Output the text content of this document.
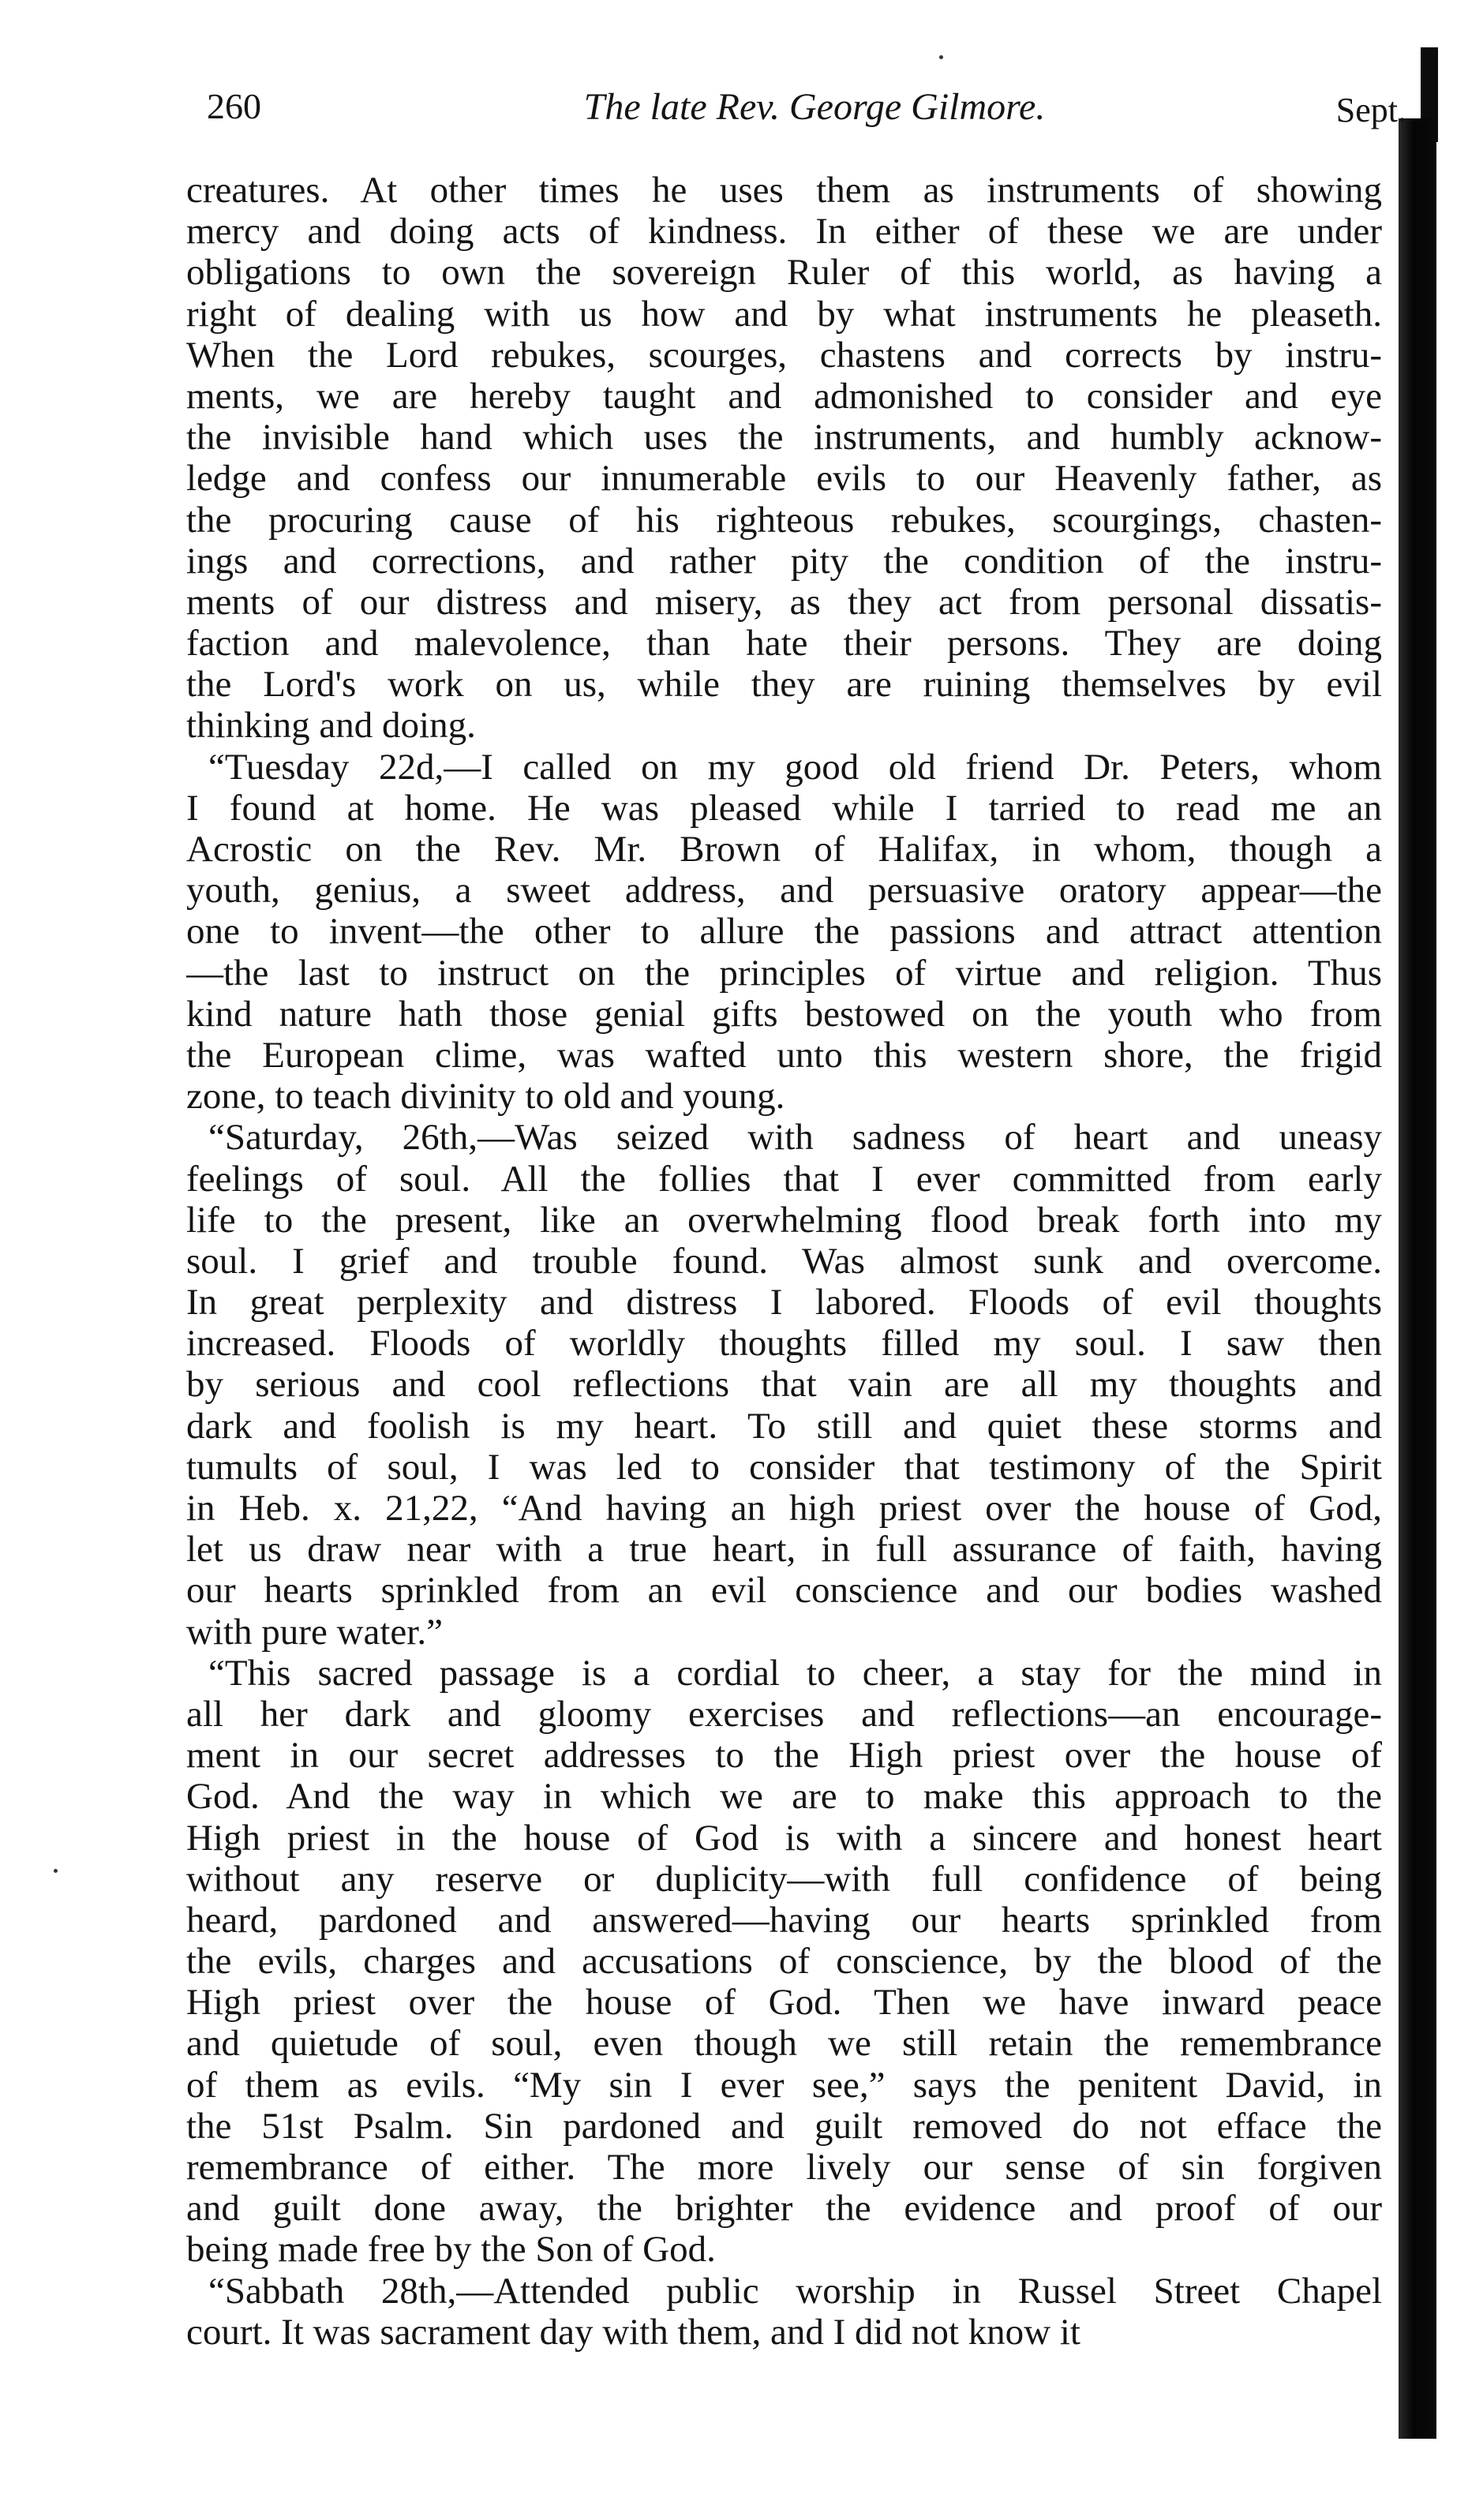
260	The late Rev. George Gilmore.	Sept.
creatures. At other times he uses them as instruments of showing
mercy and doing acts of kindness. In either of these we are under
obligations to own the sovereign Ruler of this world, as having a
right of dealing with us how and by what instruments he pleaseth.
When the Lord rebukes, scourges, chastens and corrects by instru-
ments, we are hereby taught and admonished to consider and eye
the invisible hand which uses the instruments, and humbly acknow-
ledge and confess our innumerable evils to our Heavenly father, as
the procuring cause of his righteous rebukes, scourgings, chasten-
ings and corrections, and rather pity the condition of the instru-
ments of our distress and misery, as they act from personal dissatis-
faction and malevolence, than hate their persons. They are doing
the Lord's work on us, while they are ruining themselves by evil
thinking and doing.
“Tuesday 22d,—I called on my good old friend Dr. Peters, whom
I found at home. He was pleased while I tarried to read me an
Acrostic on the Rev. Mr. Brown of Halifax, in whom, though a
youth, genius, a sweet address, and persuasive oratory appear—the
one to invent—the other to allure the passions and attract attention
—the last to instruct on the principles of virtue and religion. Thus
kind nature hath those genial gifts bestowed on the youth who from
the European clime, was wafted unto this western shore, the frigid
zone, to teach divinity to old and young.
“Saturday, 26th,—Was seized with sadness of heart and uneasy
feelings of soul. All the follies that I ever committed from early
life to the present, like an overwhelming flood break forth into my
soul. I grief and trouble found. Was almost sunk and overcome.
In great perplexity and distress I labored. Floods of evil thoughts
increased. Floods of worldly thoughts filled my soul. I saw then
by serious and cool reflections that vain are all my thoughts and
dark and foolish is my heart. To still and quiet these storms and
tumults of soul, I was led to consider that testimony of the Spirit
in Heb. x. 21,22, “And having an high priest over the house of God,
let us draw near with a true heart, in full assurance of faith, having
our hearts sprinkled from an evil conscience and our bodies washed
with pure water.”
“This sacred passage is a cordial to cheer, a stay for the mind in
all her dark and gloomy exercises and reflections—an encourage-
ment in our secret addresses to the High priest over the house of
God. And the way in which we are to make this approach to the
High priest in the house of God is with a sincere and honest heart
without any reserve or duplicity—with full confidence of being
heard, pardoned and answered—having our hearts sprinkled from
the evils, charges and accusations of conscience, by the blood of the
High priest over the house of God. Then we have inward peace
and quietude of soul, even though we still retain the remembrance
of them as evils. “My sin I ever see,” says the penitent David, in
the 51st Psalm. Sin pardoned and guilt removed do not efface the
remembrance of either. The more lively our sense of sin forgiven
and guilt done away, the brighter the evidence and proof of our
being made free by the Son of God.
“Sabbath 28th,—Attended public worship in Russel Street Chapel
court. It was sacrament day with them, and I did not know it
